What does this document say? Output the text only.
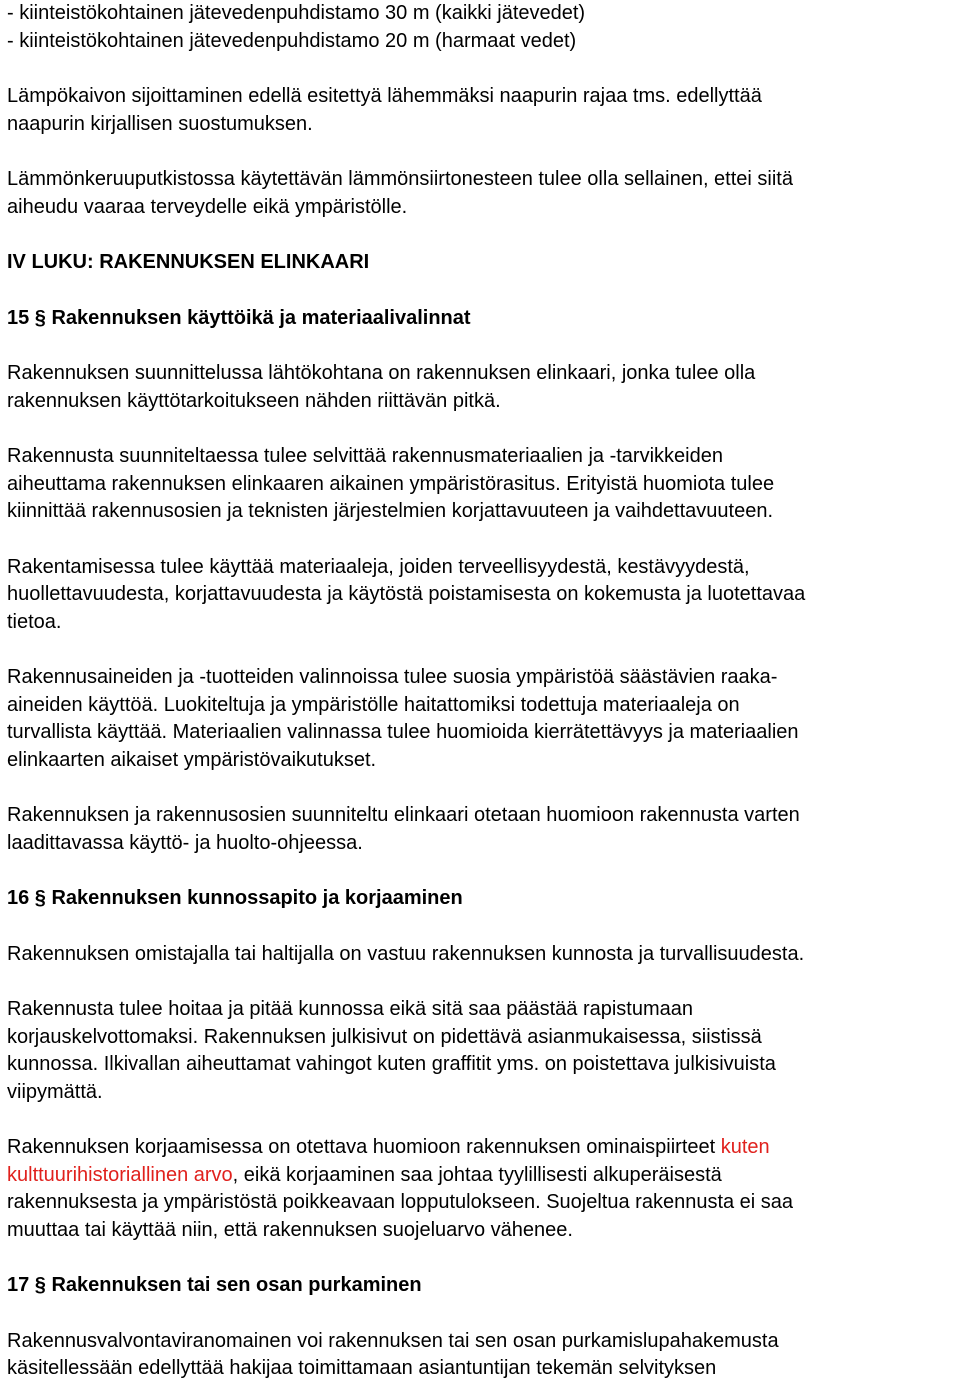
- kiinteistökohtainen jätevedenpuhdistamo 30 m (kaikki jätevedet)

- kiinteistökohtainen jätevedenpuhdistamo 20 m (harmaat vedet)

Lämpökaivon sijoittaminen edellä esitettyä lähemmäksi naapurin rajaa tms. edellyttää

naapurin kirjallisen suostumuksen.

Lämmönkeruuputkistossa käytettävän lämmönsiirtonesteen tulee olla sellainen, ettei siitä

aiheudu vaaraa terveydelle eikä ympäristölle.

IV LUKU: RAKENNUKSEN ELINKAARI
15 § Rakennuksen käyttöikä ja materiaalivalinnat

Rakennuksen suunnittelussa lähtökohtana on rakennuksen elinkaari, jonka tulee olla

rakennuksen käyttötarkoitukseen nähden riittävän pitkä.

Rakennusta suunniteltaessa tulee selvittää rakennusmateriaalien ja -tarvikkeiden

aiheuttama rakennuksen elinkaaren aikainen ympäristörasitus. Erityistä huomiota tulee

kiinnittää rakennusosien ja teknisten järjestelmien korjattavuuteen ja vaihdettavuuteen.

Rakentamisessa tulee käyttää materiaaleja, joiden terveellisyydestä, kestävyydestä,

huollettavuudesta, korjattavuudesta ja käytöstä poistamisesta on kokemusta ja luotettavaa

tietoa.

Rakennusaineiden ja -tuotteiden valinnoissa tulee suosia ympäristöä säästävien raaka-

aineiden käyttöä. Luokiteltuja ja ympäristölle haitattomiksi todettuja materiaaleja on

turvallista käyttää. Materiaalien valinnassa tulee huomioida kierrätettävyys ja materiaalien

elinkaarten aikaiset ympäristövaikutukset.

Rakennuksen ja rakennusosien suunniteltu elinkaari otetaan huomioon rakennusta varten

laadittavassa käyttö- ja huolto-ohjeessa.

16 § Rakennuksen kunnossapito ja korjaaminen

Rakennuksen omistajalla tai haltijalla on vastuu rakennuksen kunnosta ja turvallisuudesta.

Rakennusta tulee hoitaa ja pitää kunnossa eikä sitä saa päästää rapistumaan

korjauskelvottomaksi. Rakennuksen julkisivut on pidettävä asianmukaisessa, siistissä

kunnossa. Ilkivallan aiheuttamat vahingot kuten graffitit yms. on poistettava julkisivuista

viipymättä.

Rakennuksen korjaamisessa on otettava huomioon rakennuksen ominaispiirteet kuten

kulttuurihistoriallinen arvo, eikä korjaaminen saa johtaa tyylillisesti alkuperäisestä

rakennuksesta ja ympäristöstä poikkeavaan lopputulokseen. Suojeltua rakennusta ei saa

muuttaa tai käyttää niin, että rakennuksen suojeluarvo vähenee.

17 § Rakennuksen tai sen osan purkaminen

Rakennusvalvontaviranomainen voi rakennuksen tai sen osan purkamislupahakemusta

käsitellessään edellyttää hakijaa toimittamaan asiantuntijan tekemän selvityksen
